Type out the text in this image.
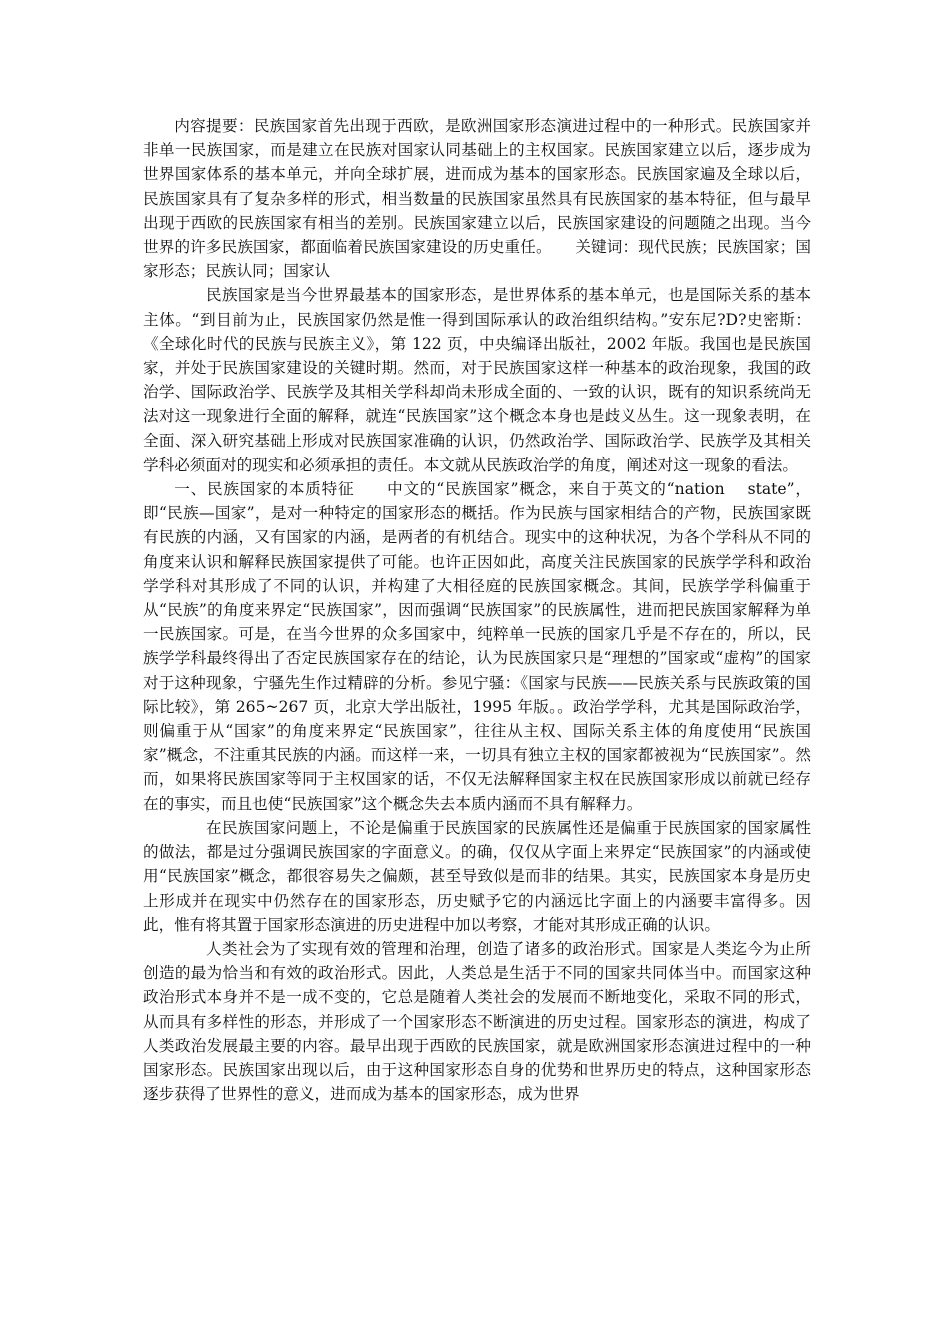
内容提要：民族国家首先出现于西欧，是欧洲国家形态演进过程中的一种形式。民族国家并非单一民族国家，而是建立在民族对国家认同基础上的主权国家。民族国家建立以后，逐步成为世界国家体系的基本单元，并向全球扩展，进而成为基本的国家形态。民族国家遍及全球以后，民族国家具有了复杂多样的形式，相当数量的民族国家虽然具有民族国家的基本特征，但与最早出现于西欧的民族国家有相当的差别。民族国家建立以后，民族国家建设的问题随之出现。当今世界的许多民族国家，都面临着民族国家建设的历史重任。　　关键词：现代民族；民族国家；国家形态；民族认同；国家认

　　民族国家是当今世界最基本的国家形态，是世界体系的基本单元，也是国际关系的基本主体。“到目前为止，民族国家仍然是惟一得到国际承认的政治组织结构。”安东尼?D?史密斯：《全球化时代的民族与民族主义》，第 122 页，中央编译出版社，2002 年版。我国也是民族国家，并处于民族国家建设的关键时期。然而，对于民族国家这样一种基本的政治现象，我国的政治学、国际政治学、民族学及其相关学科却尚未形成全面的、一致的认识，既有的知识系统尚无法对这一现象进行全面的解释，就连“民族国家”这个概念本身也是歧义丛生。这一现象表明，在全面、深入研究基础上形成对民族国家准确的认识，仍然政治学、国际政治学、民族学及其相关学科必须面对的现实和必须承担的责任。本文就从民族政治学的角度，阐述对这一现象的看法。　　

一、民族国家的本质特征　　中文的“民族国家”概念，来自于英文的“nation　 state”，即“民族—国家”，是对一种特定的国家形态的概括。作为民族与国家相结合的产物，民族国家既有民族的内涵，又有国家的内涵，是两者的有机结合。现实中的这种状况，为各个学科从不同的角度来认识和解释民族国家提供了可能。也许正因如此，高度关注民族国家的民族学学科和政治学学科对其形成了不同的认识，并构建了大相径庭的民族国家概念。其间，民族学学科偏重于从“民族”的角度来界定“民族国家”，因而强调“民族国家”的民族属性，进而把民族国家解释为单一民族国家。可是，在当今世界的众多国家中，纯粹单一民族的国家几乎是不存在的，所以，民族学学科最终得出了否定民族国家存在的结论，认为民族国家只是“理想的”国家或“虚构”的国家对于这种现象，宁骚先生作过精辟的分析。参见宁骚：《国家与民族——民族关系与民族政策的国际比较》，第 265~267 页，北京大学出版社，1995 年版。。政治学学科，尤其是国际政治学，则偏重于从“国家”的角度来界定“民族国家”，往往从主权、国际关系主体的角度使用“民族国家”概念，不注重其民族的内涵。而这样一来，一切具有独立主权的国家都被视为“民族国家”。然而，如果将民族国家等同于主权国家的话，不仅无法解释国家主权在民族国家形成以前就已经存在的事实，而且也使“民族国家”这个概念失去本质内涵而不具有解释力。

　　在民族国家问题上，不论是偏重于民族国家的民族属性还是偏重于民族国家的国家属性的做法，都是过分强调民族国家的字面意义。的确，仅仅从字面上来界定“民族国家”的内涵或使用“民族国家”概念，都很容易失之偏颇，甚至导致似是而非的结果。其实，民族国家本身是历史上形成并在现实中仍然存在的国家形态，历史赋予它的内涵远比字面上的内涵要丰富得多。因此，惟有将其置于国家形态演进的历史进程中加以考察，才能对其形成正确的认识。

　　人类社会为了实现有效的管理和治理，创造了诸多的政治形式。国家是人类迄今为止所创造的最为恰当和有效的政治形式。因此，人类总是生活于不同的国家共同体当中。而国家这种政治形式本身并不是一成不变的，它总是随着人类社会的发展而不断地变化，采取不同的形式，从而具有多样性的形态，并形成了一个国家形态不断演进的历史过程。国家形态的演进，构成了人类政治发展最主要的内容。最早出现于西欧的民族国家，就是欧洲国家形态演进过程中的一种国家形态。民族国家出现以后，由于这种国家形态自身的优势和世界历史的特点，这种国家形态逐步获得了世界性的意义，进而成为基本的国家形态，成为世界
